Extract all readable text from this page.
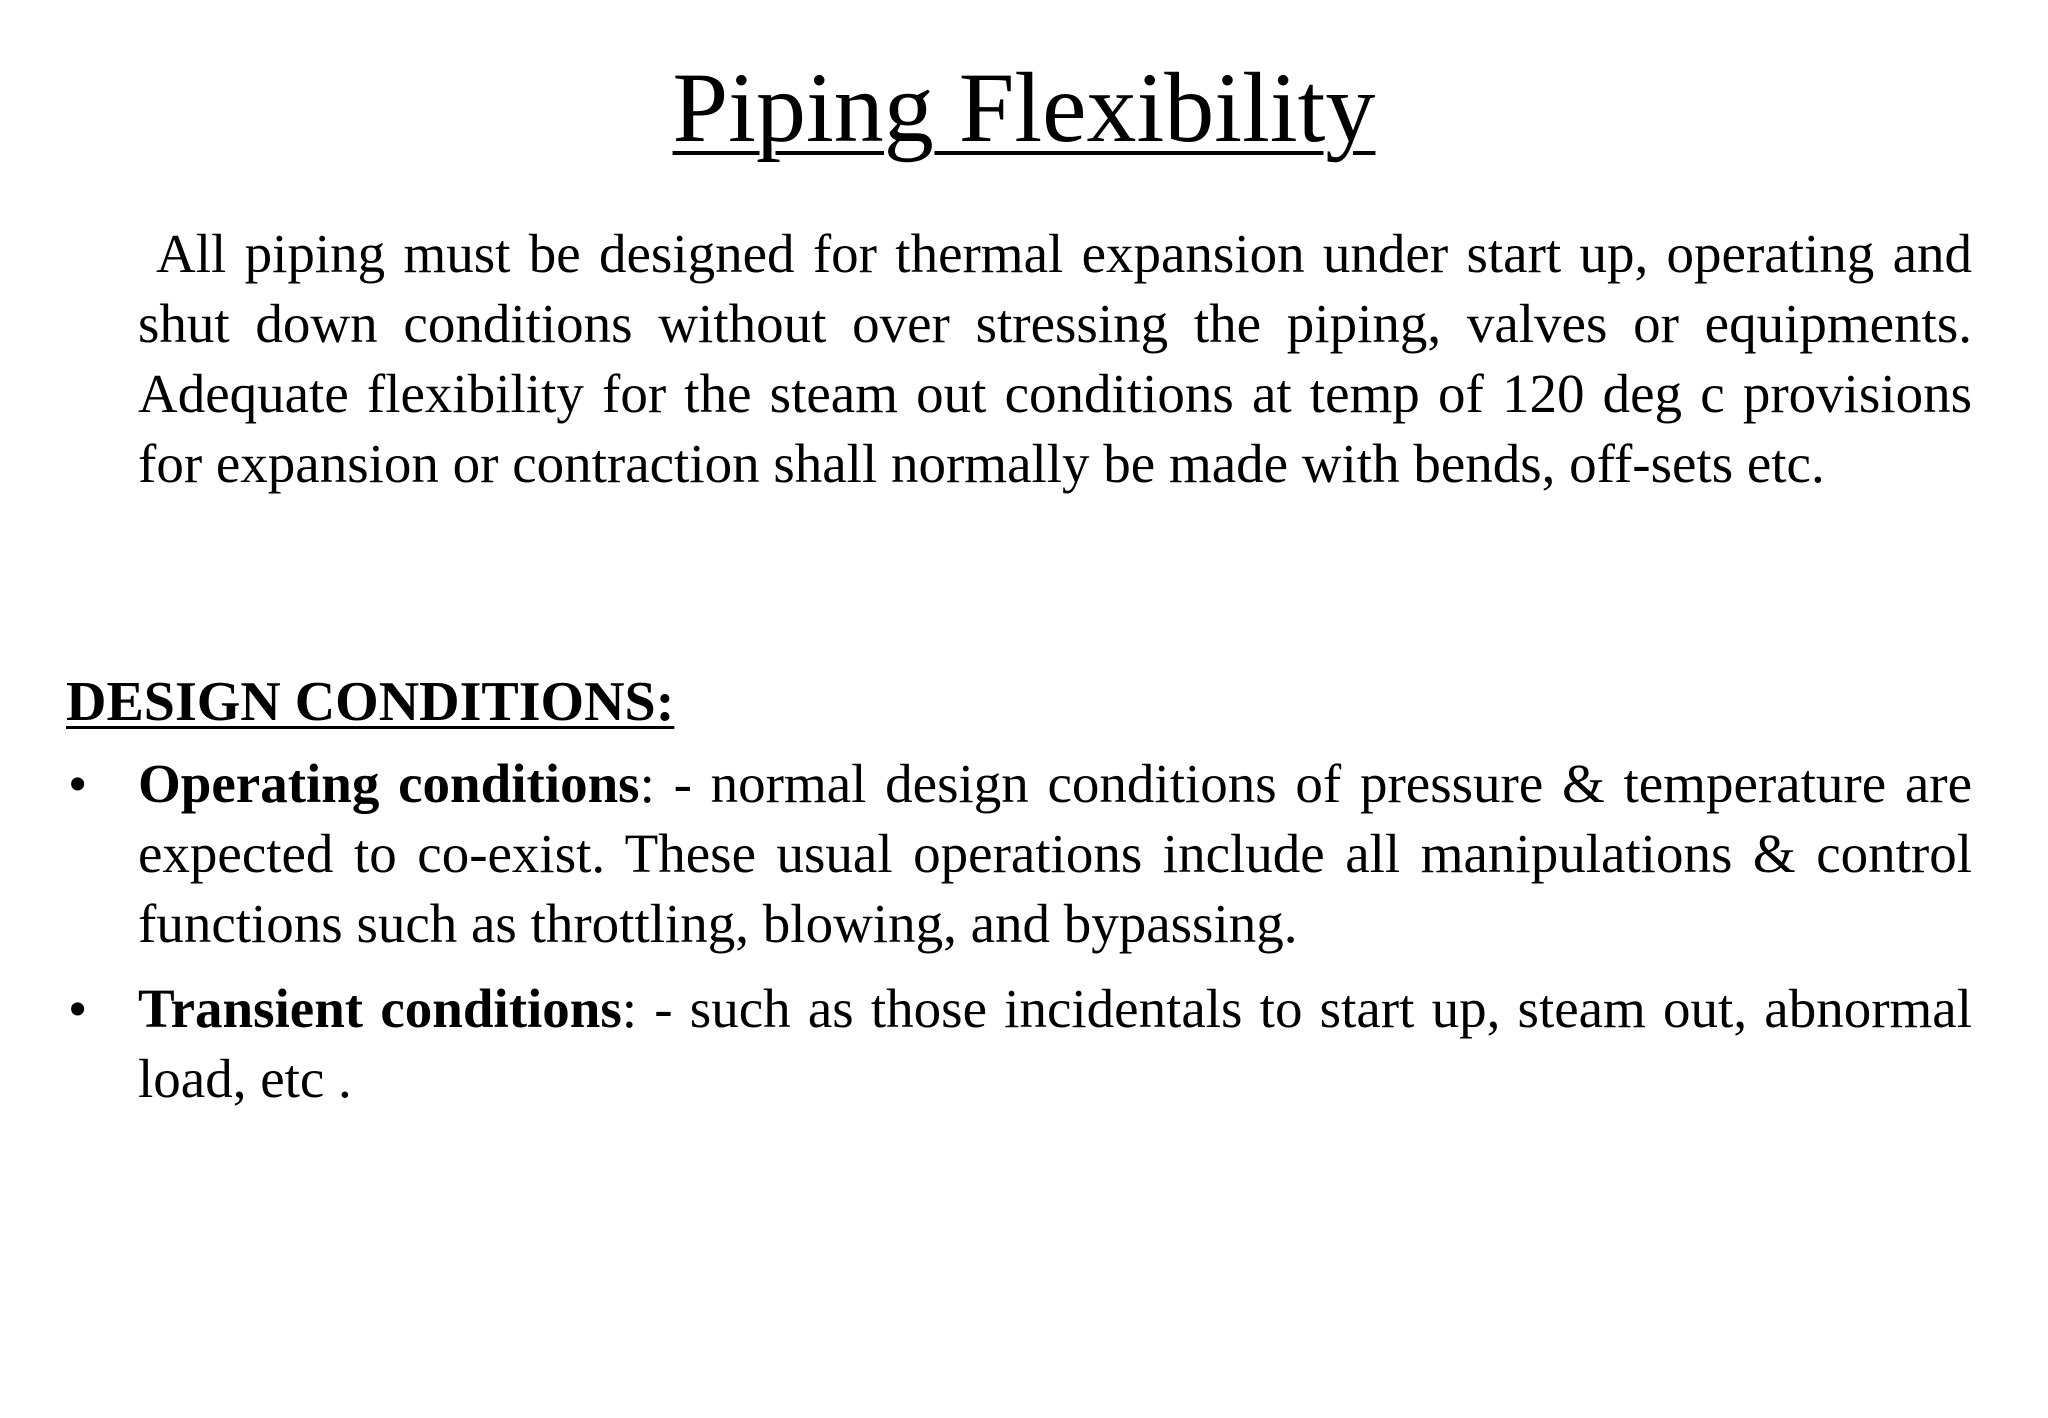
Piping Flexibility

All piping must be designed for thermal expansion under start up, operating and shut down conditions without over stressing the piping, valves or equipments. Adequate flexibility for the steam out conditions at temp of 120 deg c provisions for expansion or contraction shall normally be made with bends, off-sets etc.

DESIGN CONDITIONS:
• Operating conditions: - normal design conditions of pressure & temperature are expected to co-exist. These usual operations include all manipulations & control functions such as throttling, blowing, and bypassing.
• Transient conditions: - such as those incidentals to start up, steam out, abnormal load, etc .
